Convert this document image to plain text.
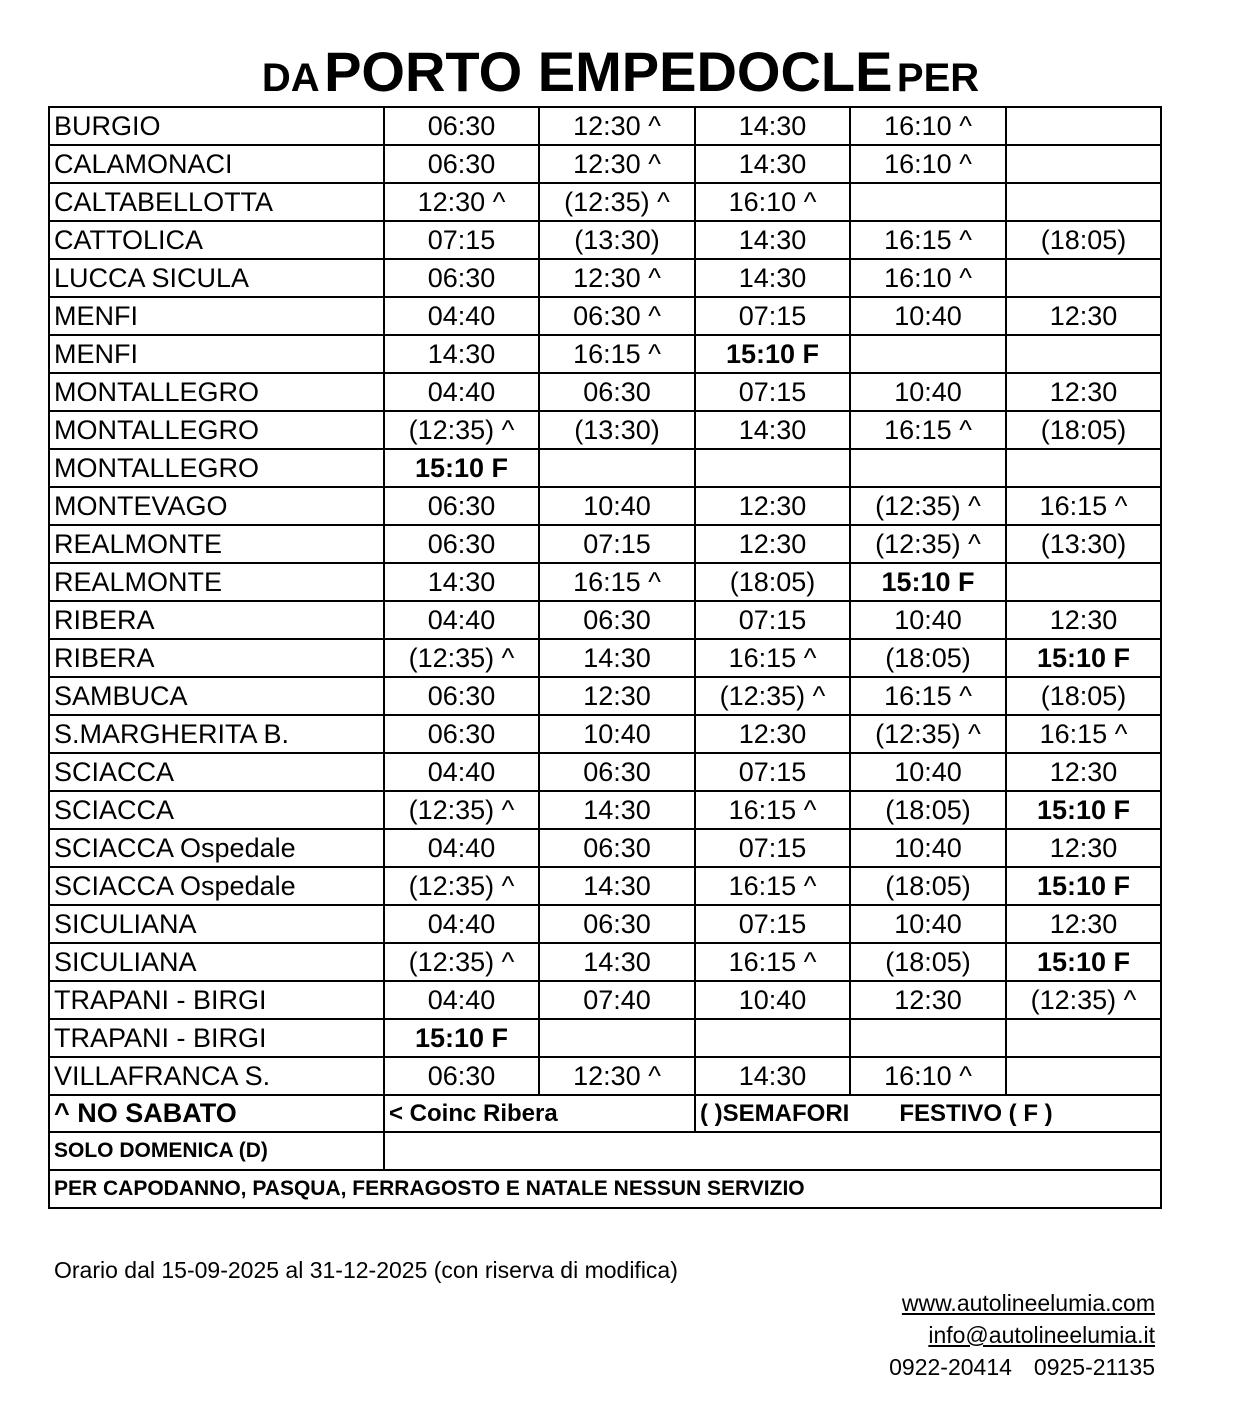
DA PORTO EMPEDOCLE PER
BURGIO	06:30	12:30 ^	14:30	16:10 ^	
CALAMONACI	06:30	12:30 ^	14:30	16:10 ^	
CALTABELLOTTA	12:30 ^	(12:35) ^	16:10 ^		
CATTOLICA	07:15	(13:30)	14:30	16:15 ^	(18:05)
LUCCA SICULA	06:30	12:30 ^	14:30	16:10 ^	
MENFI	04:40	06:30 ^	07:15	10:40	12:30
MENFI	14:30	16:15 ^	15:10 F		
MONTALLEGRO	04:40	06:30	07:15	10:40	12:30
MONTALLEGRO	(12:35) ^	(13:30)	14:30	16:15 ^	(18:05)
MONTALLEGRO	15:10 F				
MONTEVAGO	06:30	10:40	12:30	(12:35) ^	16:15 ^
REALMONTE	06:30	07:15	12:30	(12:35) ^	(13:30)
REALMONTE	14:30	16:15 ^	(18:05)	15:10 F	
RIBERA	04:40	06:30	07:15	10:40	12:30
RIBERA	(12:35) ^	14:30	16:15 ^	(18:05)	15:10 F
SAMBUCA	06:30	12:30	(12:35) ^	16:15 ^	(18:05)
S.MARGHERITA B.	06:30	10:40	12:30	(12:35) ^	16:15 ^
SCIACCA	04:40	06:30	07:15	10:40	12:30
SCIACCA	(12:35) ^	14:30	16:15 ^	(18:05)	15:10 F
SCIACCA Ospedale	04:40	06:30	07:15	10:40	12:30
SCIACCA Ospedale	(12:35) ^	14:30	16:15 ^	(18:05)	15:10 F
SICULIANA	04:40	06:30	07:15	10:40	12:30
SICULIANA	(12:35) ^	14:30	16:15 ^	(18:05)	15:10 F
TRAPANI - BIRGI	04:40	07:40	10:40	12:30	(12:35) ^
TRAPANI - BIRGI	15:10 F				
VILLAFRANCA S.	06:30	12:30 ^	14:30	16:10 ^	
^ NO SABATO	< Coinc Ribera		( )SEMAFORI FESTIVO ( F )		
SOLO DOMENICA (D)					
PER CAPODANNO, PASQUA, FERRAGOSTO E NATALE NESSUN SERVIZIO					
Orario dal 15-09-2025 al 31-12-2025 (con riserva di modifica)
www.autolineelumia.com
info@autolineelumia.it
0922-20414 0925-21135
